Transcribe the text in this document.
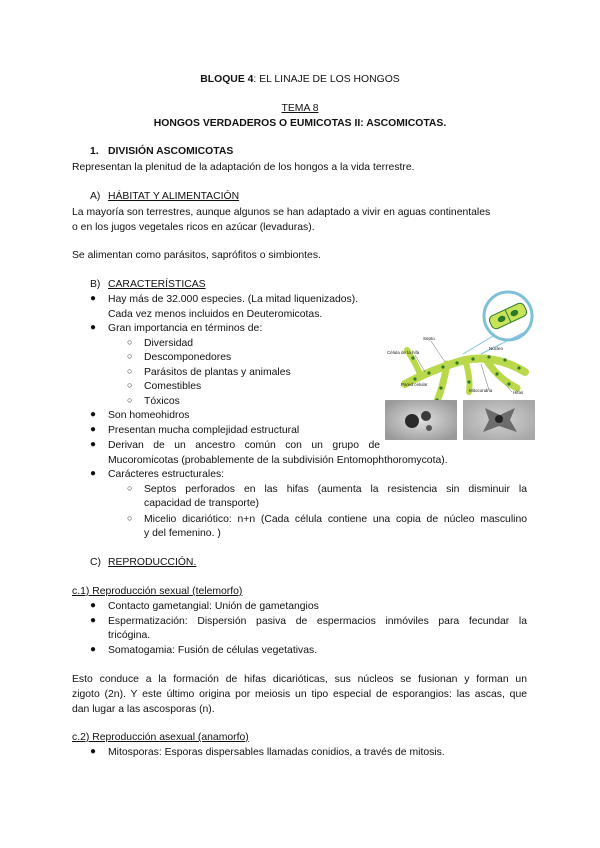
BLOQUE 4: EL LINAJE DE LOS HONGOS
TEMA 8
HONGOS VERDADEROS O EUMICOTAS II: ASCOMICOTAS.
1. DIVISIÓN ASCOMICOTAS
Representan la plenitud de la adaptación de los hongos a la vida terrestre.
A) HÁBITAT Y ALIMENTACIÓN
La mayoría son terrestres, aunque algunos se han adaptado a vivir en aguas continentales
o en los jugos vegetales ricos en azúcar (levaduras).
Se alimentan como parásitos, saprófitos o simbiontes.
B) CARACTERÍSTICAS
● Hay más de 32.000 especies. (La mitad liquenizados).
Cada vez menos incluidos en Deuteromicotas.
● Gran importancia en términos de:
○ Diversidad
○ Descomponedores
○ Parásitos de plantas y animales
○ Comestibles
○ Tóxicos
● Son homeohidros
● Presentan mucha complejidad estructural
● Derivan de un ancestro común con un grupo de
Mucoromicotas (probablemente de la subdivisión Entomophthoromycota).
● Carácteres estructurales:
○ Septos perforados en las hifas (aumenta la resistencia sin disminuir la
capacidad de transporte)
○ Micelio dicariótico: n+n (Cada célula contiene una copia de núcleo masculino
y del femenino. )
Septo
Célula de la hifa
Pared celular
Mitocondria	Hifas
Núcleo
C) REPRODUCCIÓN.
c.1) Reproducción sexual (telemorfo)
● Contacto gametangial: Unión de gametangios
● Espermatización: Dispersión pasiva de espermacios inmóviles para fecundar la
tricógina.
● Somatogamia: Fusión de células vegetativas.
Esto conduce a la formación de hifas dicarióticas, sus núcleos se fusionan y forman un
zigoto (2n). Y este último origina por meiosis un tipo especial de esporangios: las ascas, que
dan lugar a las ascosporas (n).
c.2) Reproducción asexual (anamorfo)
● Mitosporas: Esporas dispersables llamadas conidios, a través de mitosis.
